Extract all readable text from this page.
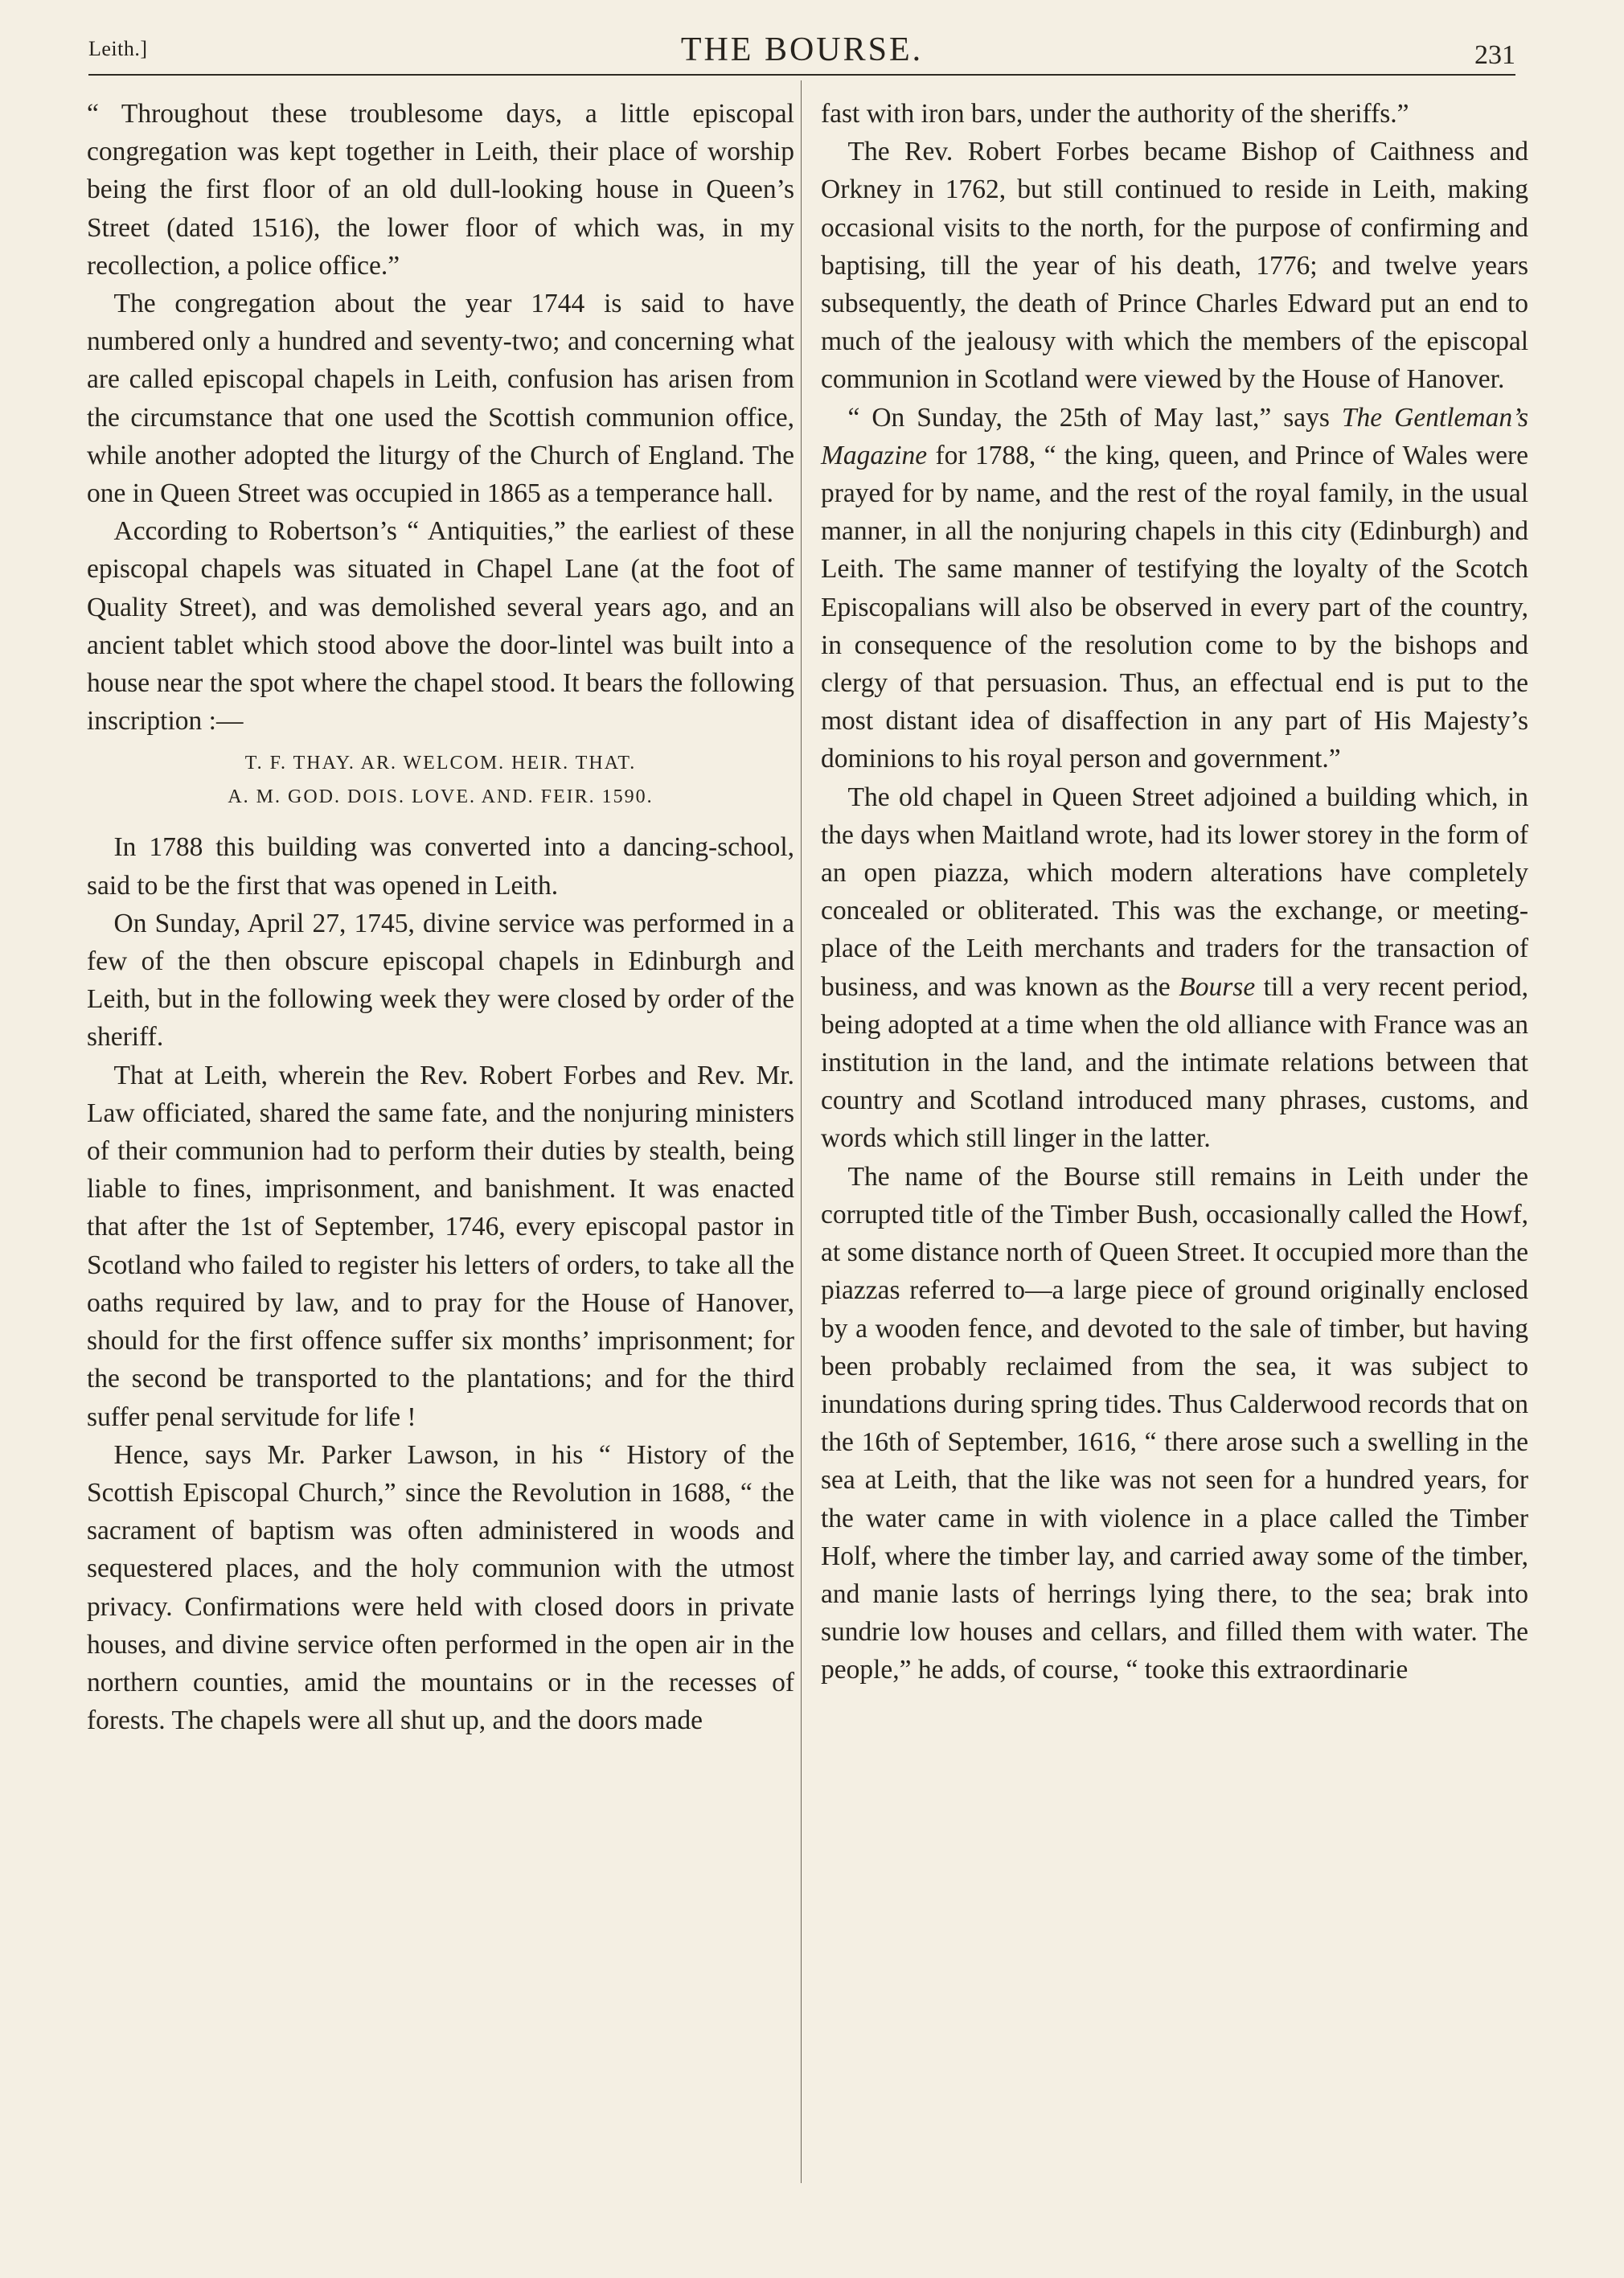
Leith.]	THE BOURSE.	231

“ Throughout these troublesome days, a little episcopal congregation was kept together in Leith, their place of worship being the first floor of an old dull-looking house in Queen’s Street (dated 1516), the lower floor of which was, in my recollection, a police office.”

The congregation about the year 1744 is said to have numbered only a hundred and seventy-two; and concerning what are called episcopal chapels in Leith, confusion has arisen from the circumstance that one used the Scottish communion office, while another adopted the liturgy of the Church of England. The one in Queen Street was occupied in 1865 as a temperance hall.

According to Robertson’s “ Antiquities,” the earliest of these episcopal chapels was situated in Chapel Lane (at the foot of Quality Street), and was demolished several years ago, and an ancient tablet which stood above the door-lintel was built into a house near the spot where the chapel stood. It bears the following inscription :—

T. F. THAY. AR. WELCOM. HEIR. THAT.
A. M. GOD. DOIS. LOVE. AND. FEIR. 1590.

In 1788 this building was converted into a dancing-school, said to be the first that was opened in Leith.

On Sunday, April 27, 1745, divine service was performed in a few of the then obscure episcopal chapels in Edinburgh and Leith, but in the following week they were closed by order of the sheriff.

That at Leith, wherein the Rev. Robert Forbes and Rev. Mr. Law officiated, shared the same fate, and the nonjuring ministers of their communion had to perform their duties by stealth, being liable to fines, imprisonment, and banishment. It was enacted that after the 1st of September, 1746, every episcopal pastor in Scotland who failed to register his letters of orders, to take all the oaths required by law, and to pray for the House of Hanover, should for the first offence suffer six months’ imprisonment; for the second be transported to the plantations; and for the third suffer penal servitude for life !

Hence, says Mr. Parker Lawson, in his “ History of the Scottish Episcopal Church,” since the Revolution in 1688, “ the sacrament of baptism was often administered in woods and sequestered places, and the holy communion with the utmost privacy. Confirmations were held with closed doors in private houses, and divine service often performed in the open air in the northern counties, amid the mountains or in the recesses of forests. The chapels were all shut up, and the doors made

fast with iron bars, under the authority of the sheriffs.”

The Rev. Robert Forbes became Bishop of Caithness and Orkney in 1762, but still continued to reside in Leith, making occasional visits to the north, for the purpose of confirming and baptising, till the year of his death, 1776; and twelve years subsequently, the death of Prince Charles Edward put an end to much of the jealousy with which the members of the episcopal communion in Scotland were viewed by the House of Hanover.

“ On Sunday, the 25th of May last,” says The Gentleman’s Magazine for 1788, “ the king, queen, and Prince of Wales were prayed for by name, and the rest of the royal family, in the usual manner, in all the nonjuring chapels in this city (Edinburgh) and Leith. The same manner of testifying the loyalty of the Scotch Episcopalians will also be observed in every part of the country, in consequence of the resolution come to by the bishops and clergy of that persuasion. Thus, an effectual end is put to the most distant idea of disaffection in any part of His Majesty’s dominions to his royal person and government.”

The old chapel in Queen Street adjoined a building which, in the days when Maitland wrote, had its lower storey in the form of an open piazza, which modern alterations have completely concealed or obliterated. This was the exchange, or meeting-place of the Leith merchants and traders for the transaction of business, and was known as the Bourse till a very recent period, being adopted at a time when the old alliance with France was an institution in the land, and the intimate relations between that country and Scotland introduced many phrases, customs, and words which still linger in the latter.

The name of the Bourse still remains in Leith under the corrupted title of the Timber Bush, occasionally called the Howf, at some distance north of Queen Street. It occupied more than the piazzas referred to—a large piece of ground originally enclosed by a wooden fence, and devoted to the sale of timber, but having been probably reclaimed from the sea, it was subject to inundations during spring tides. Thus Calderwood records that on the 16th of September, 1616, “ there arose such a swelling in the sea at Leith, that the like was not seen for a hundred years, for the water came in with violence in a place called the Timber Holf, where the timber lay, and carried away some of the timber, and manie lasts of herrings lying there, to the sea; brak into sundrie low houses and cellars, and filled them with water. The people,” he adds, of course, “ tooke this extraordinarie
